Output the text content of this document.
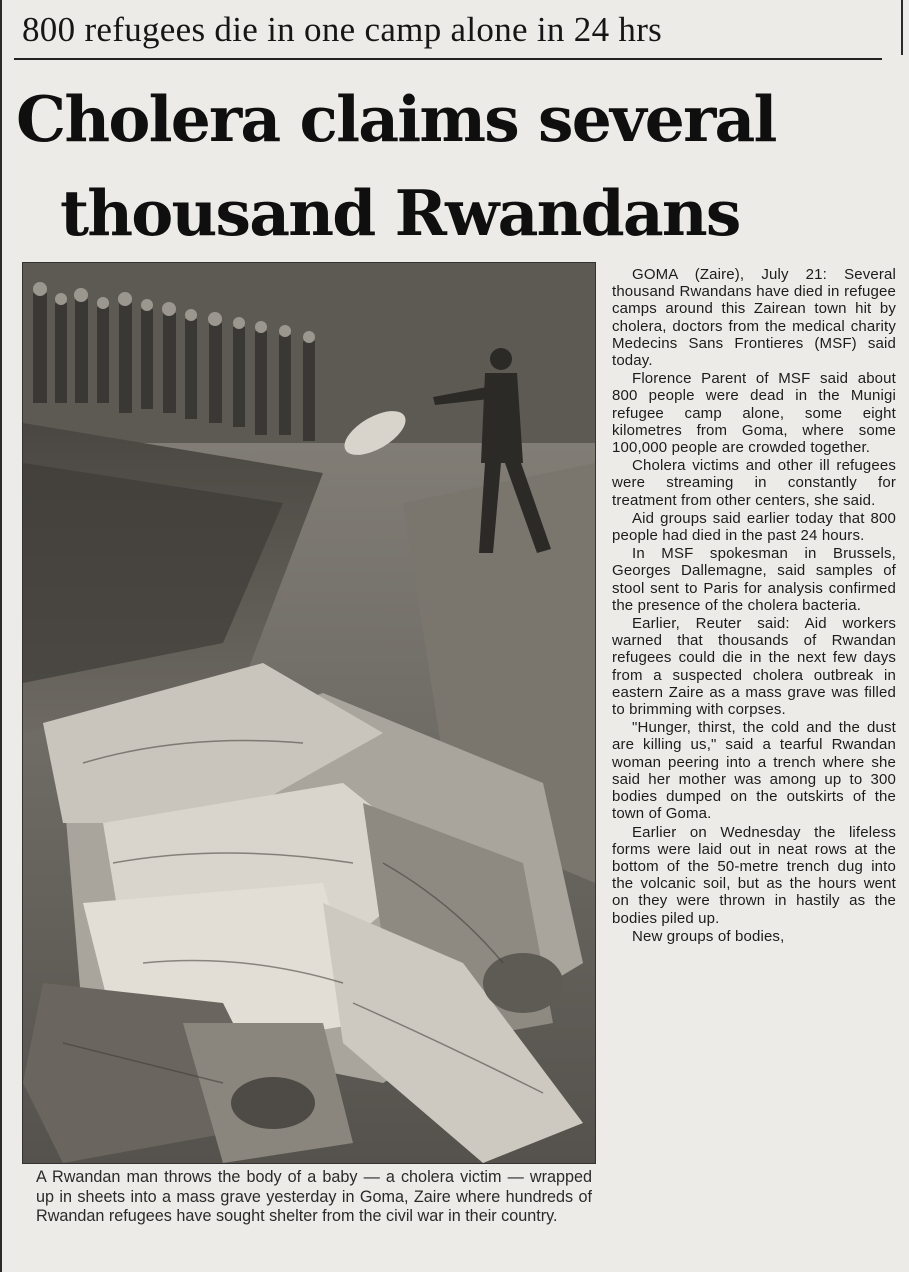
800 refugees die in one camp alone in 24 hrs
Cholera claims several
thousand Rwandans
A Rwandan man throws the body of a baby — a cholera victim — wrapped up in sheets into a mass grave yesterday in Goma, Zaire where hundreds of Rwandan refugees have sought shelter from the civil war in their country.

GOMA (Zaire), July 21: Several thousand Rwandans have died in refugee camps around this Zairean town hit by cholera, doctors from the medical charity Medecins Sans Frontieres (MSF) said today.

Florence Parent of MSF said about 800 people were dead in the Munigi refugee camp alone, some eight kilometres from Goma, where some 100,000 people are crowded together.

Cholera victims and other ill refugees were streaming in constantly for treatment from other centers, she said.

Aid groups said earlier today that 800 people had died in the past 24 hours.

In MSF spokesman in Brussels, Georges Dallemagne, said samples of stool sent to Paris for analysis confirmed the presence of the cholera bacteria.

Earlier, Reuter said: Aid workers warned that thousands of Rwandan refugees could die in the next few days from a suspected cholera outbreak in eastern Zaire as a mass grave was filled to brimming with corpses.

"Hunger, thirst, the cold and the dust are killing us," said a tearful Rwandan woman peering into a trench where she said her mother was among up to 300 bodies dumped on the outskirts of the town of Goma.

Earlier on Wednesday the lifeless forms were laid out in neat rows at the bottom of the 50-metre trench dug into the volcanic soil, but as the hours went on they were thrown in hastily as the bodies piled up.

New groups of bodies,
